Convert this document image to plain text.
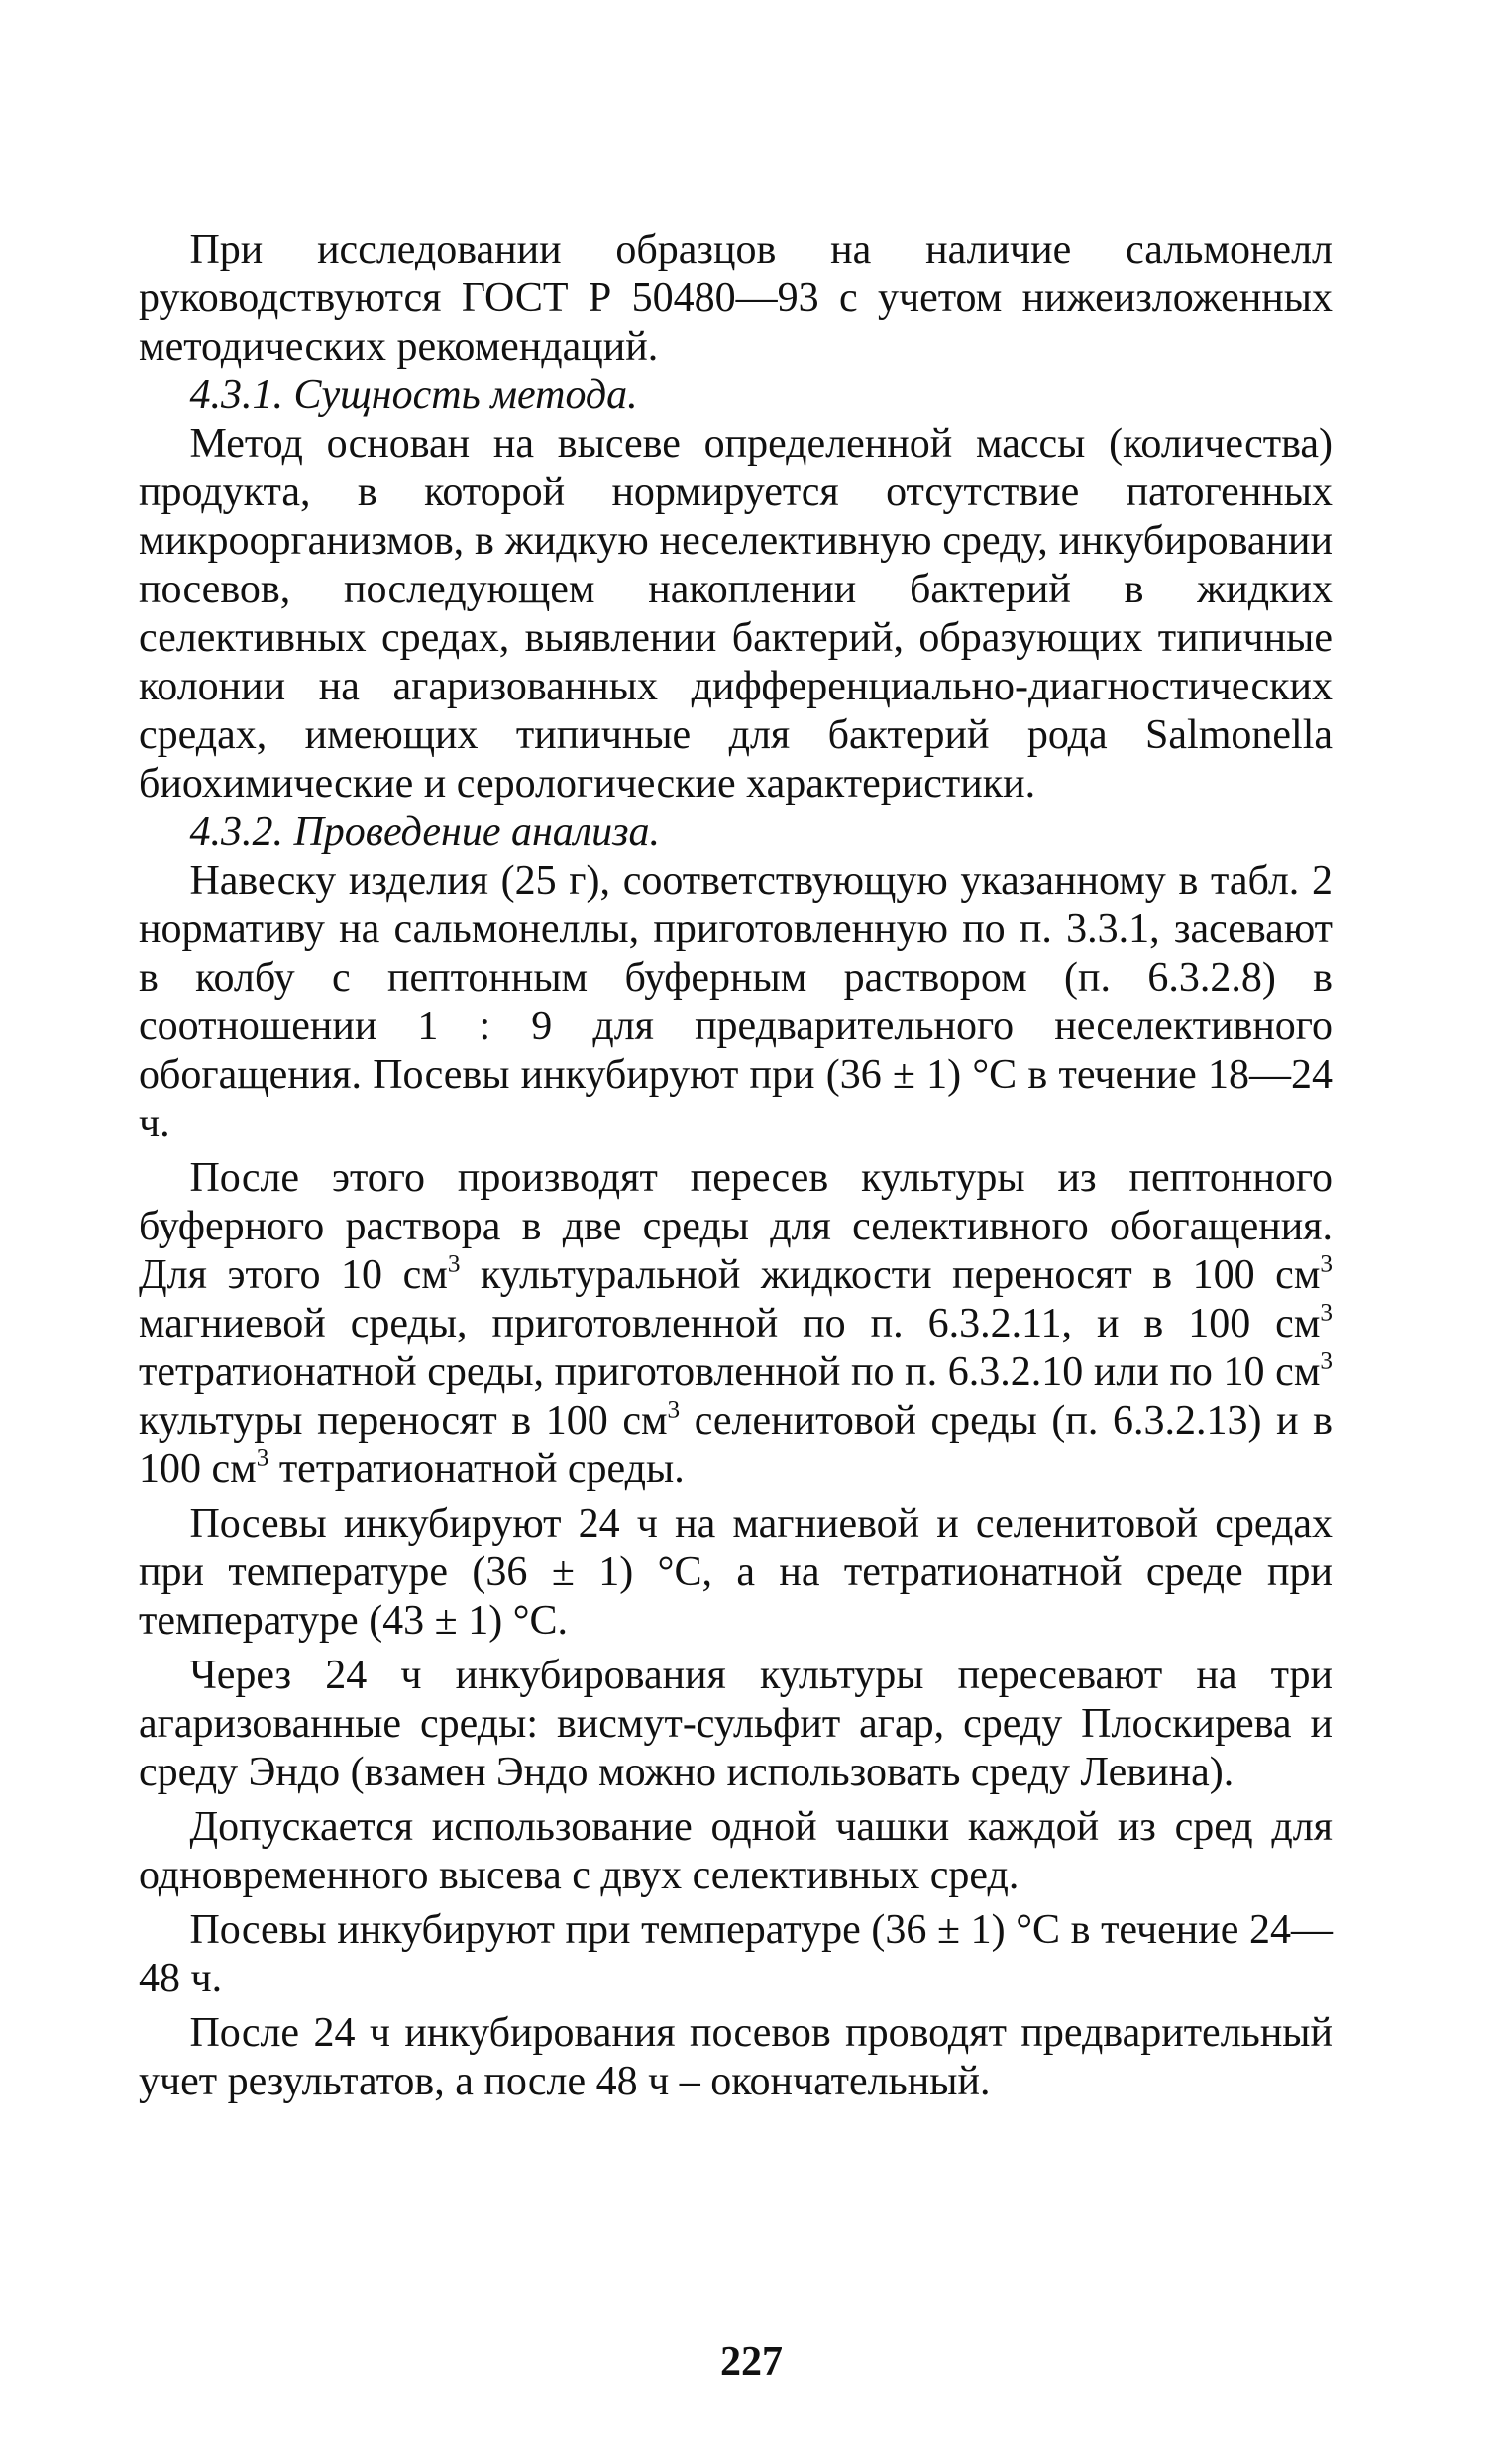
При исследовании образцов на наличие сальмонелл руководствуются ГОСТ Р 50480—93 с учетом нижеизложенных методических рекомендаций.

4.3.1. Сущность метода.

Метод основан на высеве определенной массы (количества) продукта, в которой нормируется отсутствие патогенных микроорганизмов, в жидкую неселективную среду, инкубировании посевов, последующем накоплении бактерий в жидких селективных средах, выявлении бактерий, образующих типичные колонии на агаризованных дифференциально-диагностических средах, имеющих типичные для бактерий рода Salmonella биохимические и серологические характеристики.

4.3.2. Проведение анализа.

Навеску изделия (25 г), соответствующую указанному в табл. 2 нормативу на сальмонеллы, приготовленную по п. 3.3.1, засевают в колбу с пептонным буферным раствором (п. 6.3.2.8) в соотношении 1 : 9 для предварительного неселективного обогащения. Посевы инкубируют при (36 ± 1) °С в течение 18—24 ч.

После этого производят пересев культуры из пептонного буферного раствора в две среды для селективного обогащения. Для этого 10 $см^3$ культуральной жидкости переносят в 100 $см^3$ магниевой среды, приготовленной по п. 6.3.2.11, и в 100 $см^3$ тетратионатной среды, приготовленной по п. 6.3.2.10 или по 10 $см^3$ культуры переносят в 100 $см^3$ селенитовой среды (п. 6.3.2.13) и в 100 $см^3$ тетратионатной среды.

Посевы инкубируют 24 ч на магниевой и селенитовой средах при температуре (36 ± 1) °С, а на тетратионатной среде при температуре (43 ± 1) °С.

Через 24 ч инкубирования культуры пересевают на три агаризованные среды: висмут-сульфит агар, среду Плоскирева и среду Эндо (взамен Эндо можно использовать среду Левина).

Допускается использование одной чашки каждой из сред для одновременного высева с двух селективных сред.

Посевы инкубируют при температуре (36 ± 1) °С в течение 24—48 ч.

После 24 ч инкубирования посевов проводят предварительный учет результатов, а после 48 ч – окончательный.

227
